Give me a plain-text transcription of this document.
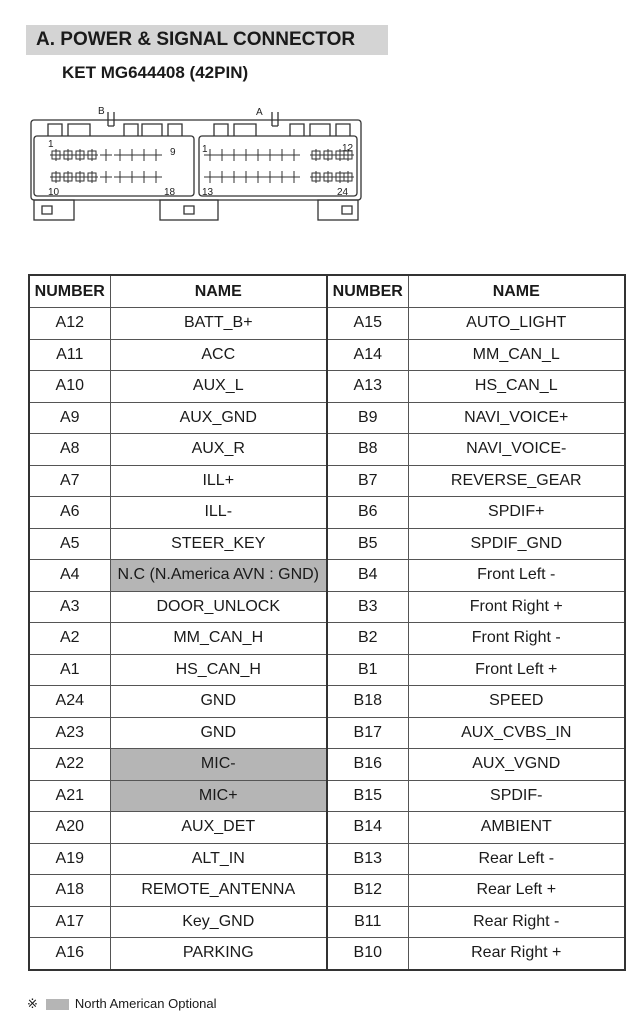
A. POWER & SIGNAL CONNECTOR
KET MG644408 (42PIN)
B	A
1
9
10	18
1	12
13	24
NUMBER	NAME	NUMBER	NAME
A12	BATT_B+	A15	AUTO_LIGHT
A11	ACC	A14	MM_CAN_L
A10	AUX_L	A13	HS_CAN_L
A9	AUX_GND	B9	NAVI_VOICE+
A8	AUX_R	B8	NAVI_VOICE-
A7	ILL+	B7	REVERSE_GEAR
A6	ILL-	B6	SPDIF+
A5	STEER_KEY	B5	SPDIF_GND
A4	N.C (N.America AVN : GND)	B4	Front Left -
A3	DOOR_UNLOCK	B3	Front Right +
A2	MM_CAN_H	B2	Front Right -
A1	HS_CAN_H	B1	Front Left +
A24	GND	B18	SPEED
A23	GND	B17	AUX_CVBS_IN
A22	MIC-	B16	AUX_VGND
A21	MIC+	B15	SPDIF-
A20	AUX_DET	B14	AMBIENT
A19	ALT_IN	B13	Rear Left -
A18	REMOTE_ANTENNA	B12	Rear Left +
A17	Key_GND	B11	Rear Right -
A16	PARKING	B10	Rear Right +
※	North American Optional
